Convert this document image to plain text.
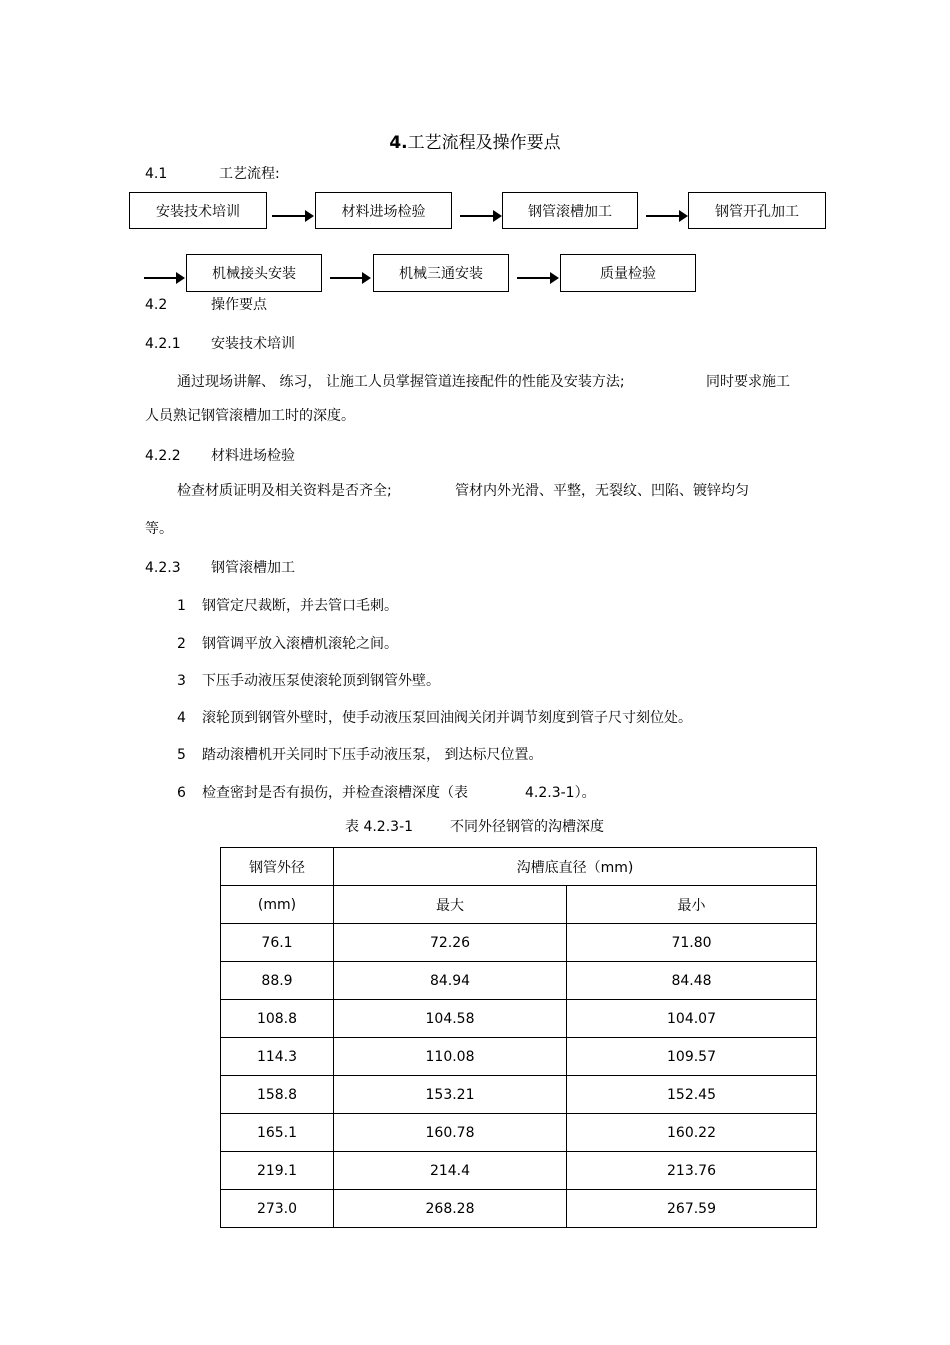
4.工艺流程及操作要点
4.1	工艺流程:
安装技术培训	材料进场检验	钢管滚槽加工	钢管开孔加工
机械接头安装	机械三通安装	质量检验
4.2	操作要点
4.2.1 安装技术培训
通过现场讲解、 练习， 让施工人员掌握管道连接配件的性能及安装方法;	同时要求施工
人员熟记钢管滚槽加工时的深度。
4.2.2 材料进场检验
检查材质证明及相关资料是否齐全;	管材内外光滑、平整，无裂纹、凹陷、镀锌均匀
等。
4.2.3 钢管滚槽加工
1 钢管定尺裁断，并去管口毛刺。
2 钢管调平放入滚槽机滚轮之间。
3 下压手动液压泵使滚轮顶到钢管外壁。
4 滚轮顶到钢管外壁时，使手动液压泵回油阀关闭并调节刻度到管子尺寸刻位处。
5 踏动滚槽机开关同时下压手动液压泵， 到达标尺位置。
6 检查密封是否有损伤，并检查滚槽深度（表	4.2.3-1）。
表 4.2.3-1	不同外径钢管的沟槽深度
钢管外径	沟槽底直径（mm)	
(mm)	最大	最小
76.1	72.26	71.80
88.9	84.94	84.48
108.8	104.58	104.07
114.3	110.08	109.57
158.8	153.21	152.45
165.1	160.78	160.22
219.1	214.4	213.76
273.0	268.28	267.59
